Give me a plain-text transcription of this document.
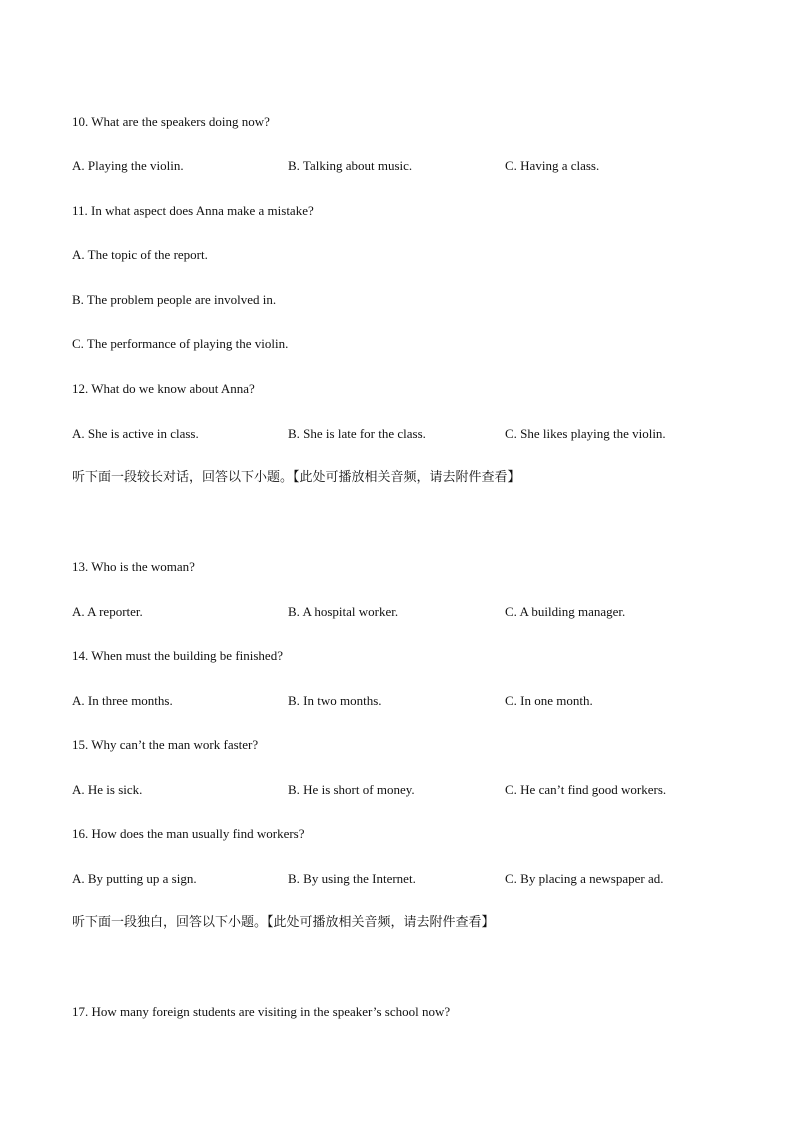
10. What are the speakers doing now?
A. Playing the violin.	B. Talking about music.	C. Having a class.
11. In what aspect does Anna make a mistake?
A. The topic of the report.
B. The problem people are involved in.
C. The performance of playing the violin.
12. What do we know about Anna?
A. She is active in class.	B. She is late for the class.	C. She likes playing the violin.
听下面一段较长对话，回答以下小题。【此处可播放相关音频，请去附件查看】
13. Who is the woman?
A. A reporter.	B. A hospital worker.	C. A building manager.
14. When must the building be finished?
A. In three months.	B. In two months.	C. In one month.
15. Why can’t the man work faster?
A. He is sick.	B. He is short of money.	C. He can’t find good workers.
16. How does the man usually find workers?
A. By putting up a sign.	B. By using the Internet.	C. By placing a newspaper ad.
听下面一段独白，回答以下小题。【此处可播放相关音频，请去附件查看】
17. How many foreign students are visiting in the speaker’s school now?
